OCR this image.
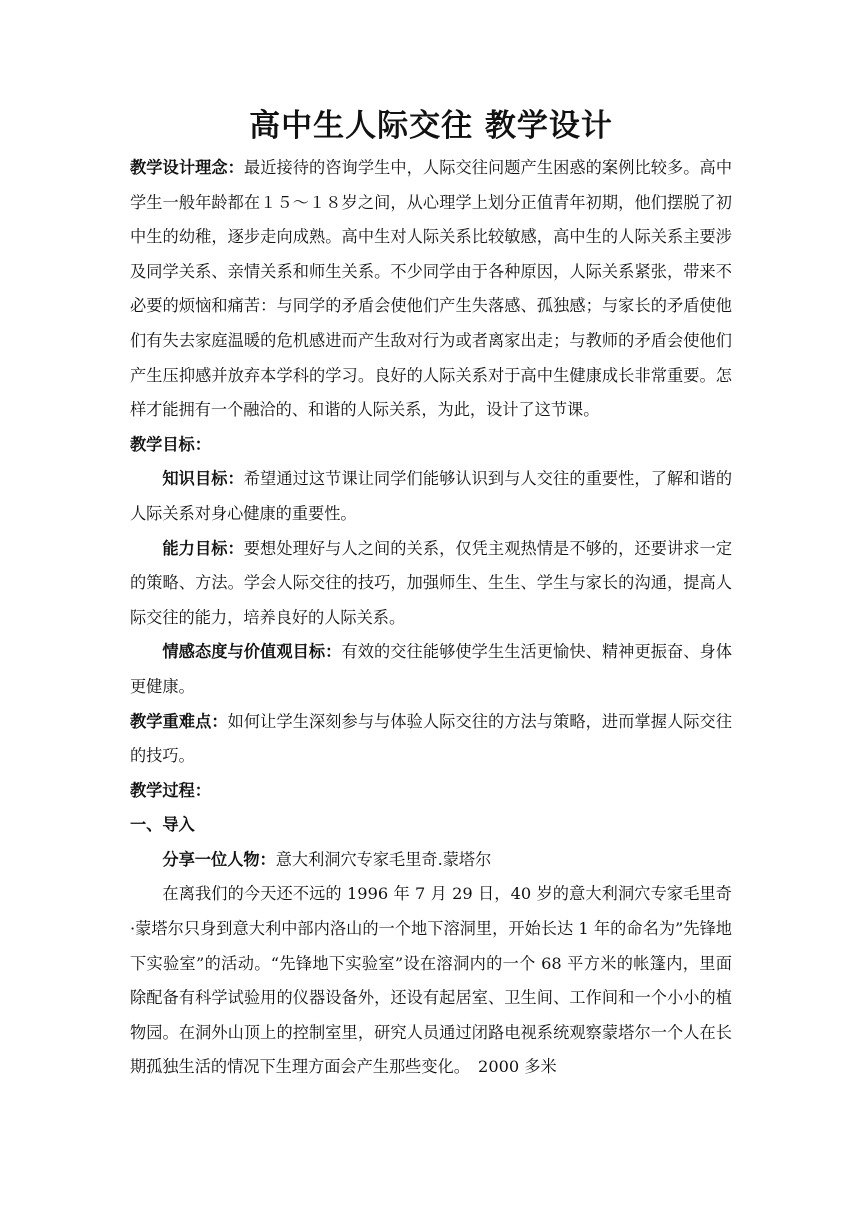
高中生人际交往 教学设计

教学设计理念：最近接待的咨询学生中，人际交往问题产生困惑的案例比较多。高中学生一般年龄都在１５～１８岁之间，从心理学上划分正值青年初期，他们摆脱了初中生的幼稚，逐步走向成熟。高中生对人际关系比较敏感，高中生的人际关系主要涉及同学关系、亲情关系和师生关系。不少同学由于各种原因，人际关系紧张，带来不必要的烦恼和痛苦：与同学的矛盾会使他们产生失落感、孤独感；与家长的矛盾使他们有失去家庭温暖的危机感进而产生敌对行为或者离家出走；与教师的矛盾会使他们产生压抑感并放弃本学科的学习。良好的人际关系对于高中生健康成长非常重要。怎样才能拥有一个融洽的、和谐的人际关系，为此，设计了这节课。

教学目标：

知识目标：希望通过这节课让同学们能够认识到与人交往的重要性，了解和谐的人际关系对身心健康的重要性。

能力目标：要想处理好与人之间的关系，仅凭主观热情是不够的，还要讲求一定的策略、方法。学会人际交往的技巧，加强师生、生生、学生与家长的沟通，提高人际交往的能力，培养良好的人际关系。

情感态度与价值观目标：有效的交往能够使学生生活更愉快、精神更振奋、身体更健康。

教学重难点：如何让学生深刻参与与体验人际交往的方法与策略，进而掌握人际交往的技巧。

教学过程：

一、导入

分享一位人物：意大利洞穴专家毛里奇.蒙塔尔

在离我们的今天还不远的 1996 年 7 月 29 日，40 岁的意大利洞穴专家毛里奇·蒙塔尔只身到意大利中部内洛山的一个地下溶洞里，开始长达 1 年的命名为”先锋地下实验室”的活动。“先锋地下实验室”设在溶洞内的一个 68 平方米的帐篷内，里面除配备有科学试验用的仪器设备外，还设有起居室、卫生间、工作间和一个小小的植物园。在洞外山顶上的控制室里，研究人员通过闭路电视系统观察蒙塔尔一个人在长期孤独生活的情况下生理方面会产生那些变化。　2000 多米
